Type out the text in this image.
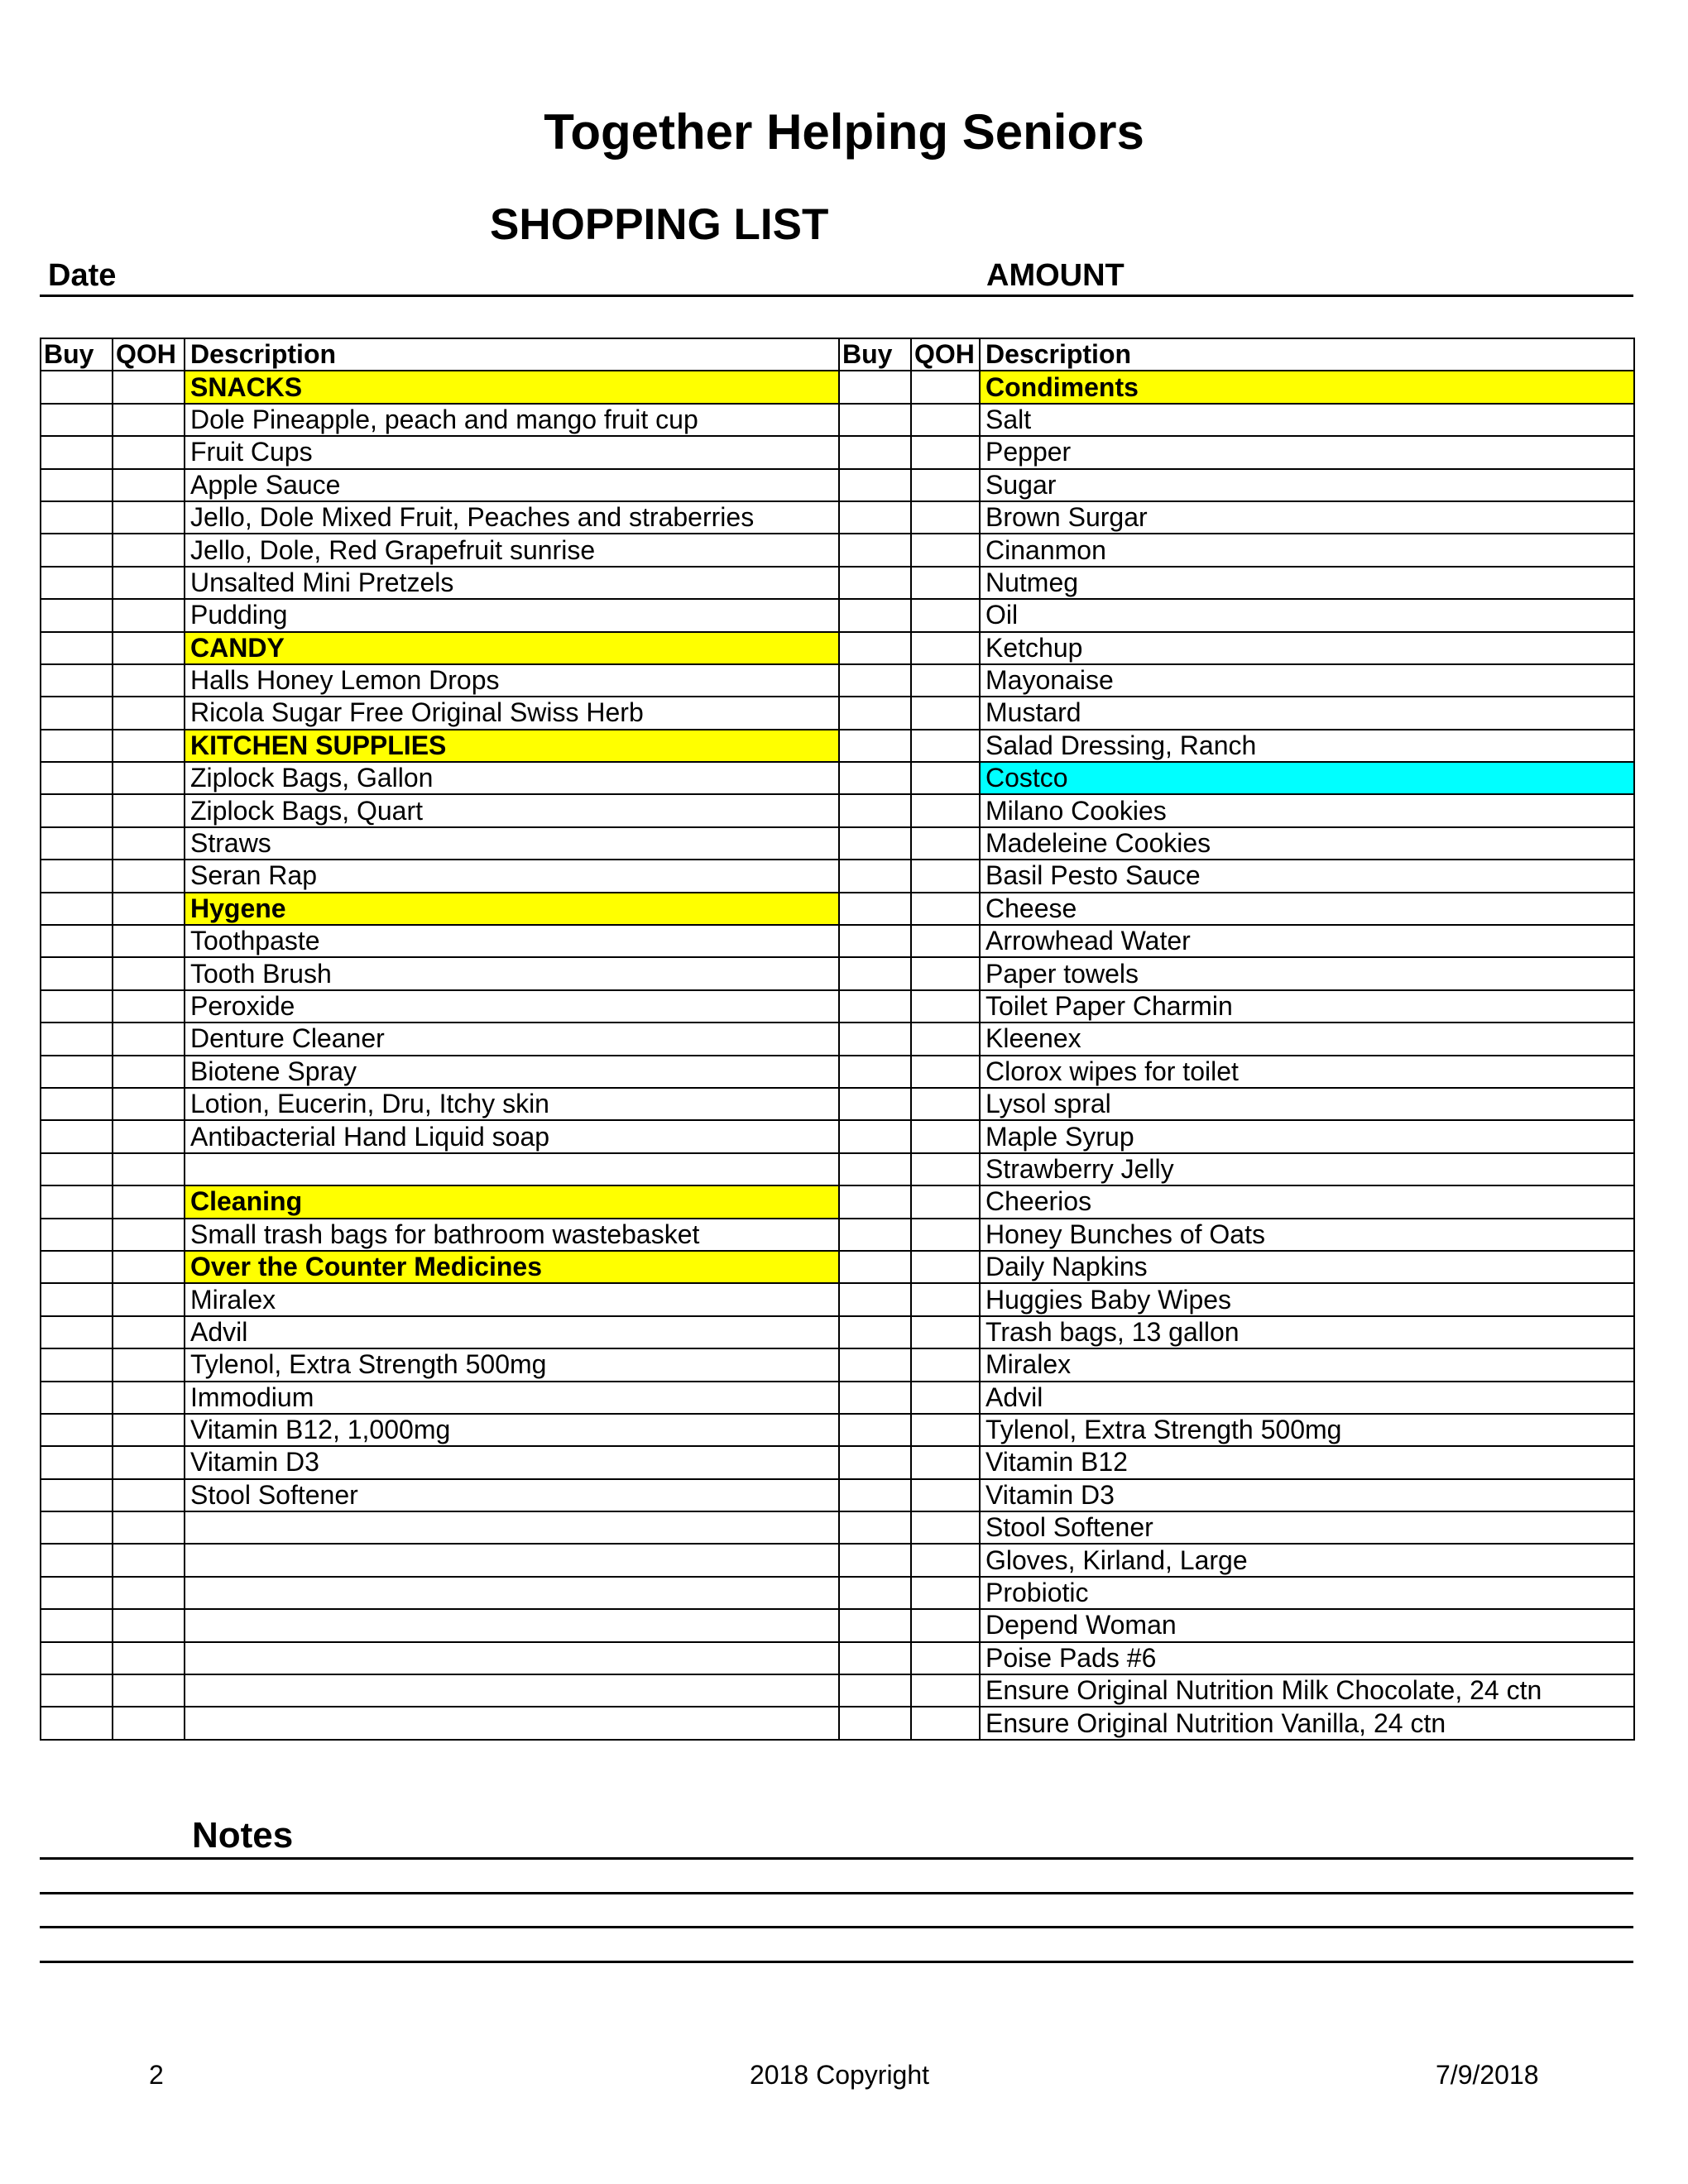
Together Helping Seniors
SHOPPING LIST
Date	AMOUNT
Buy	QOH	Description	Buy	QOH	Description
		SNACKS			Condiments
		Dole Pineapple, peach and mango fruit cup			Salt
		Fruit Cups			Pepper
		Apple Sauce			Sugar
		Jello, Dole Mixed Fruit, Peaches and straberries			Brown Surgar
		Jello, Dole, Red Grapefruit sunrise			Cinanmon
		Unsalted Mini Pretzels			Nutmeg
		Pudding			Oil
		CANDY			Ketchup
		Halls Honey Lemon Drops			Mayonaise
		Ricola Sugar Free Original Swiss Herb			Mustard
		KITCHEN SUPPLIES			Salad Dressing, Ranch
		Ziplock Bags, Gallon			Costco
		Ziplock Bags, Quart			Milano Cookies
		Straws			Madeleine Cookies
		Seran Rap			Basil Pesto Sauce
		Hygene			Cheese
		Toothpaste			Arrowhead Water
		Tooth Brush			Paper towels
		Peroxide			Toilet Paper Charmin
		Denture Cleaner			Kleenex
		Biotene Spray			Clorox wipes for toilet
		Lotion, Eucerin, Dru, Itchy skin			Lysol spral
		Antibacterial Hand Liquid soap			Maple Syrup
					Strawberry Jelly
		Cleaning			Cheerios
		Small trash bags for bathroom wastebasket			Honey Bunches of Oats
		Over the Counter Medicines			Daily Napkins
		Miralex			Huggies Baby Wipes
		Advil			Trash bags, 13 gallon
		Tylenol, Extra Strength 500mg			Miralex
		Immodium			Advil
		Vitamin B12, 1,000mg			Tylenol, Extra Strength 500mg
		Vitamin D3			Vitamin B12
		Stool Softener			Vitamin D3
					Stool Softener
					Gloves, Kirland, Large
					Probiotic
					Depend Woman
					Poise Pads #6
					Ensure Original Nutrition Milk Chocolate, 24 ctn
					Ensure Original Nutrition Vanilla, 24 ctn
Notes
2	2018 Copyright	7/9/2018
